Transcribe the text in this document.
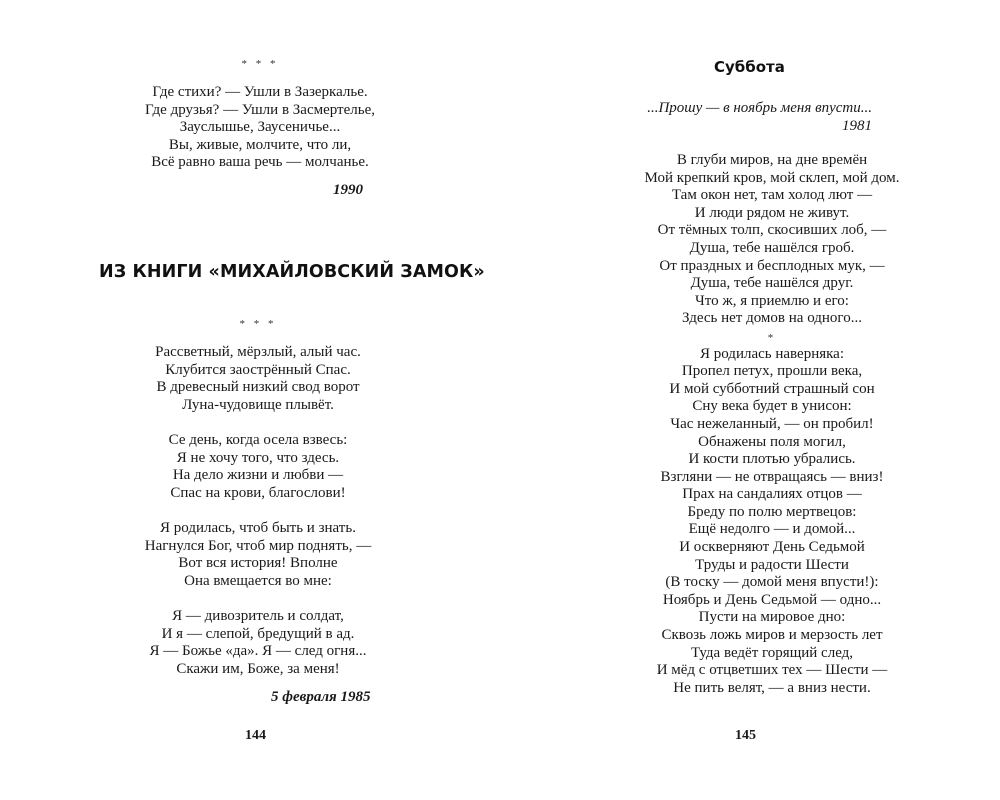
* * *
Где стихи? — Ушли в Зазеркалье.
Где друзья? — Ушли в Засмертелье,
Зауслышье, Заусеничье...
Вы, живые, молчите, что ли,
Всё равно ваша речь — молчанье.
1990
ИЗ КНИГИ «МИХАЙЛОВСКИЙ ЗАМОК»
* * *
Рассветный, мёрзлый, алый час.
Клубится заострённый Спас.
В древесный низкий свод ворот
Луна-чудовище плывёт.
Се день, когда осела взвесь:
Я не хочу того, что здесь.
На дело жизни и любви —
Спас на крови, благослови!
Я родилась, чтоб быть и знать.
Нагнулся Бог, чтоб мир поднять, —
Вот вся история! Вполне
Она вмещается во мне:
Я — дивозритель и солдат,
И я — слепой, бредущий в ад.
Я — Божье «да». Я — след огня...
Скажи им, Боже, за меня!
5 февраля 1985
144
Суббота
...Прошу — в ноябрь меня впусти...
1981
В глуби миров, на дне времён
Мой крепкий кров, мой склеп, мой дом.
Там окон нет, там холод лют —
И люди рядом не живут.
От тёмных толп, скосивших лоб, —
Душа, тебе нашёлся гроб.
От праздных и бесплодных мук, —
Душа, тебе нашёлся друг.
Что ж, я приемлю и его:
Здесь нет домов на одного...
*
Я родилась наверняка:
Пропел петух, прошли века,
И мой субботний страшный сон
Сну века будет в унисон:
Час нежеланный, — он пробил!
Обнажены поля могил,
И кости плотью убрались.
Взгляни — не отвращаясь — вниз!
Прах на сандалиях отцов —
Бреду по полю мертвецов:
Ещё недолго — и домой...
И оскверняют День Седьмой
Труды и радости Шести
(В тоску — домой меня впусти!):
Ноябрь и День Седьмой — одно...
Пусти на мировое дно:
Сквозь ложь миров и мерзость лет
Туда ведёт горящий след,
И мёд с отцветших тех — Шести —
Не пить велят, — а вниз нести.
145
